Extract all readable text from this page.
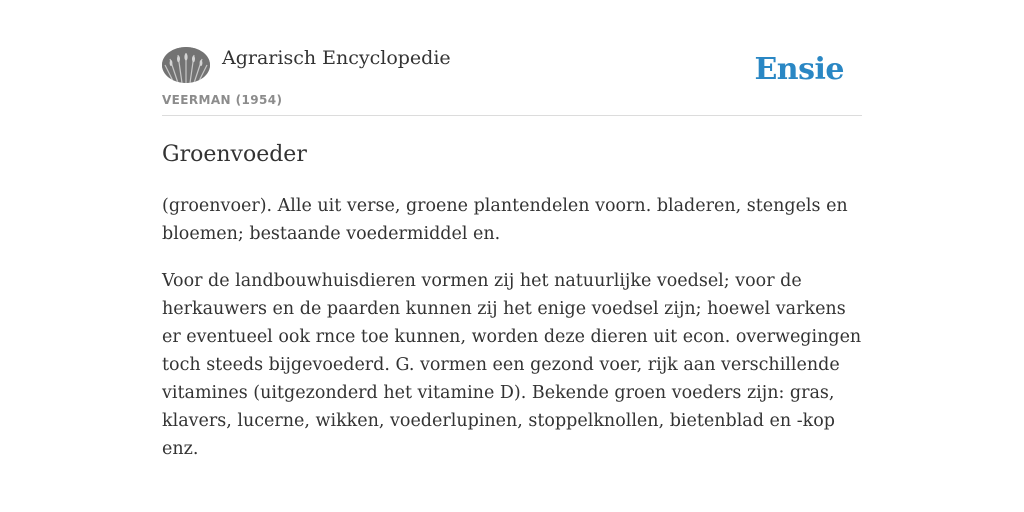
Agrarisch Encyclopedie
VEERMAN (1954)
Ensie
Groenvoeder

(groenvoer). Alle uit verse, groene plantendelen voorn. bladeren, stengels en bloemen; bestaande voedermiddel en.

Voor de landbouwhuisdieren vormen zij het natuurlijke voedsel; voor de herkauwers en de paarden kunnen zij het enige voedsel zijn; hoewel varkens er eventueel ook rnce toe kunnen, worden deze dieren uit econ. overwegingen toch steeds bijgevoederd. G. vormen een gezond voer, rijk aan verschillende vitamines (uitgezonderd het vitamine D). Bekende groen voeders zijn: gras, klavers, lucerne, wikken, voederlupinen, stoppelknollen, bietenblad en -kop enz.
